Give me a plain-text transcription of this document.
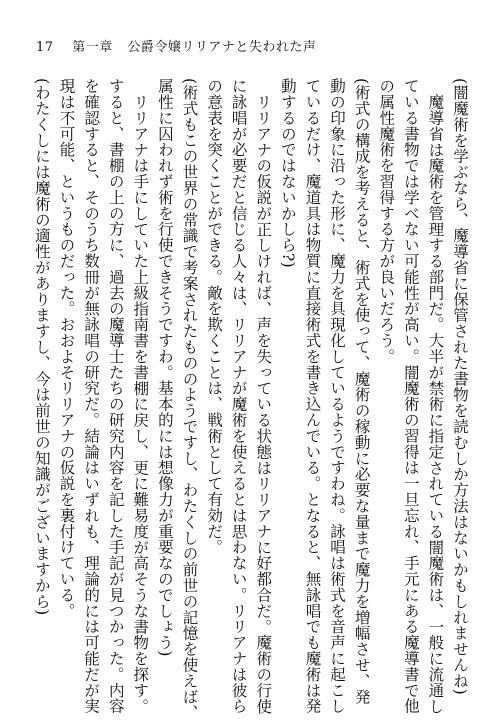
17 第一章 公爵令嬢リリアナと失われた声
(闇魔術を学ぶなら、魔導省に保管された書物を読むしか方法はないかもしれませんね)
魔導省は魔術を管理する部門だ。大半が禁術に指定されている闇魔術は、一般に流通し
ている書物では学べない可能性が高い。闇魔術の習得は一旦忘れ、手元にある魔導書で他
の属性魔術を習得する方が良いだろう。
(術式の構成を考えると、術式を使って、魔術の稼動に必要な量まで魔力を増幅させ、発
動の印象に沿った形に、魔力を具現化しているようですわね。詠唱は術式を音声に起こし
ているだけ、魔道具は物質に直接術式を書き込んでいる。となると、無詠唱でも魔術は発
動するのではないかしら?)
リリアナの仮説が正しければ、声を失っている状態はリリアナに好都合だ。魔術の行使
に詠唱が必要だと信じる人々は、リリアナが魔術を使えるとは思わない。リリアナは彼ら
の意表を突くことができる。敵を欺くことは、戦術として有効だ。
(術式もこの世界の常識で考案されたもののようですし、わたくしの前世の記憶を使えば、
属性に囚われず術を行使できそうですわ。基本的には想像力が重要なのでしょう)
リリアナは手にしていた上級指南書を書棚に戻し、更に難易度が高そうな書物を探す。
すると、書棚の上の方に、過去の魔導士たちの研究内容を記した手記が見つかった。内容
を確認すると、そのうち数冊が無詠唱の研究だ。結論はいずれも、理論的には可能だが実
現は不可能、というものだった。おおよそリリアナの仮説を裏付けている。
(わたくしには魔術の適性がありますし、今は前世の知識がございますから)
